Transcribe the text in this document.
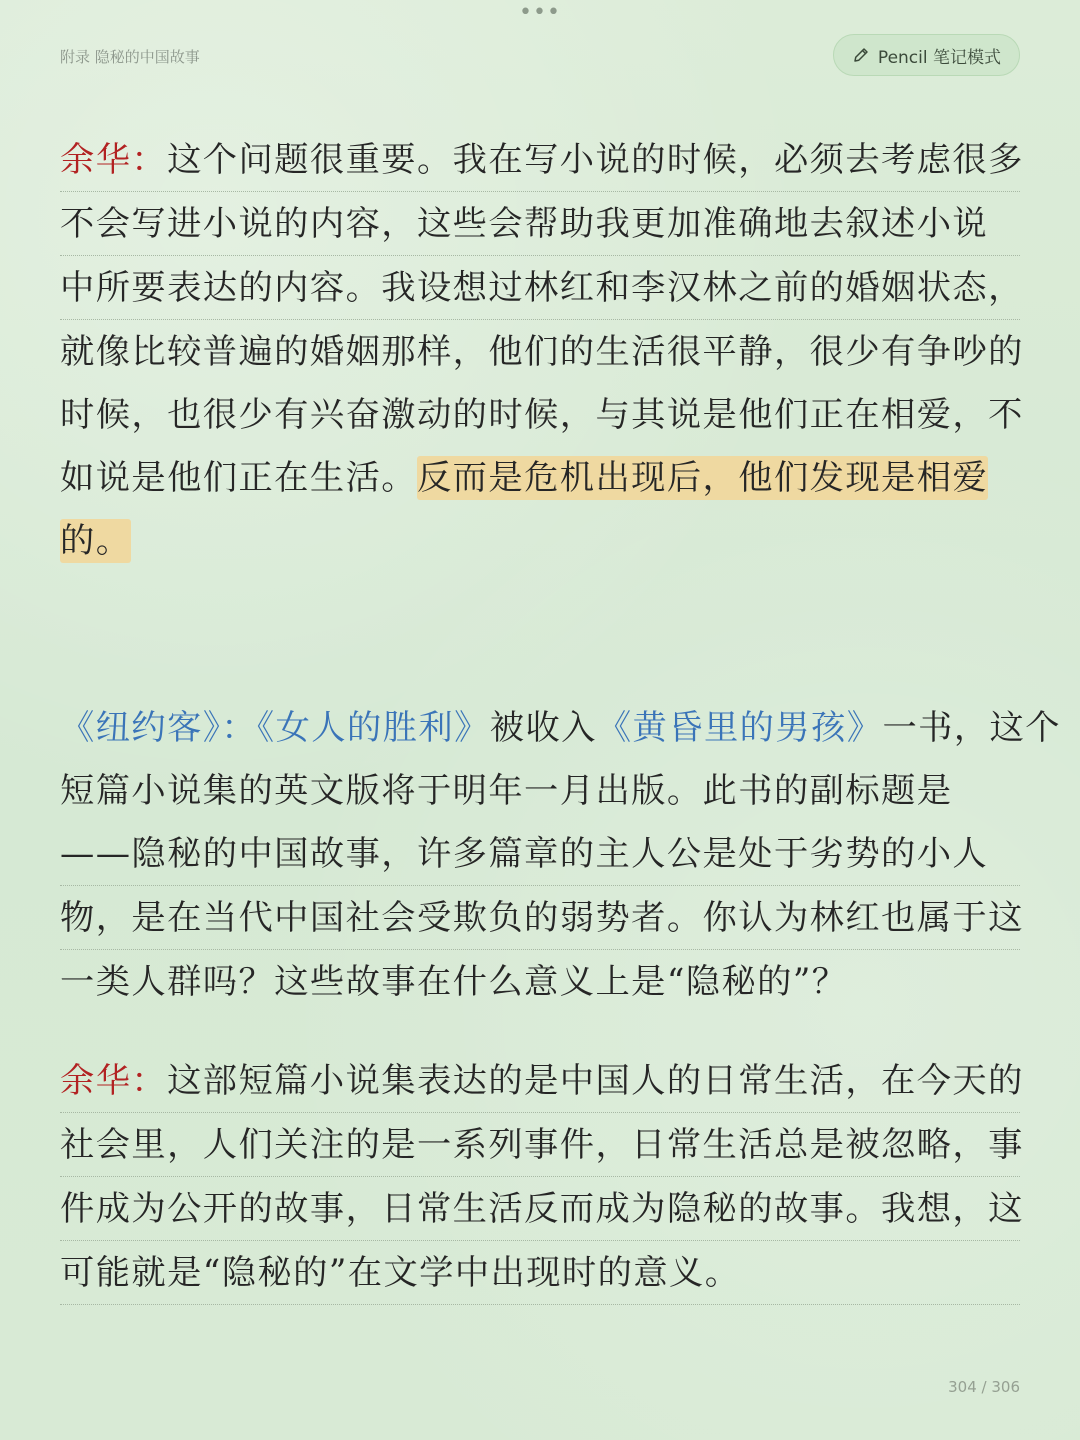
•••
附录 隐秘的中国故事	Pencil 笔记模式
余华：这个问题很重要。我在写小说的时候，必须去考虑很多
不会写进小说的内容，这些会帮助我更加准确地去叙述小说
中所要表达的内容。我设想过林红和李汉林之前的婚姻状态，
就像比较普遍的婚姻那样，他们的生活很平静，很少有争吵的
时候，也很少有兴奋激动的时候，与其说是他们正在相爱，不
如说是他们正在生活。反而是危机出现后，他们发现是相爱
的。
《纽约客》：《女人的胜利》被收入《黄昏里的男孩》一书，这个
短篇小说集的英文版将于明年一月出版。此书的副标题是
——隐秘的中国故事，许多篇章的主人公是处于劣势的小人
物，是在当代中国社会受欺负的弱势者。你认为林红也属于这
一类人群吗？这些故事在什么意义上是“隐秘的”？
余华：这部短篇小说集表达的是中国人的日常生活，在今天的
社会里，人们关注的是一系列事件，日常生活总是被忽略，事
件成为公开的故事，日常生活反而成为隐秘的故事。我想，这
可能就是“隐秘的”在文学中出现时的意义。
304 / 306
